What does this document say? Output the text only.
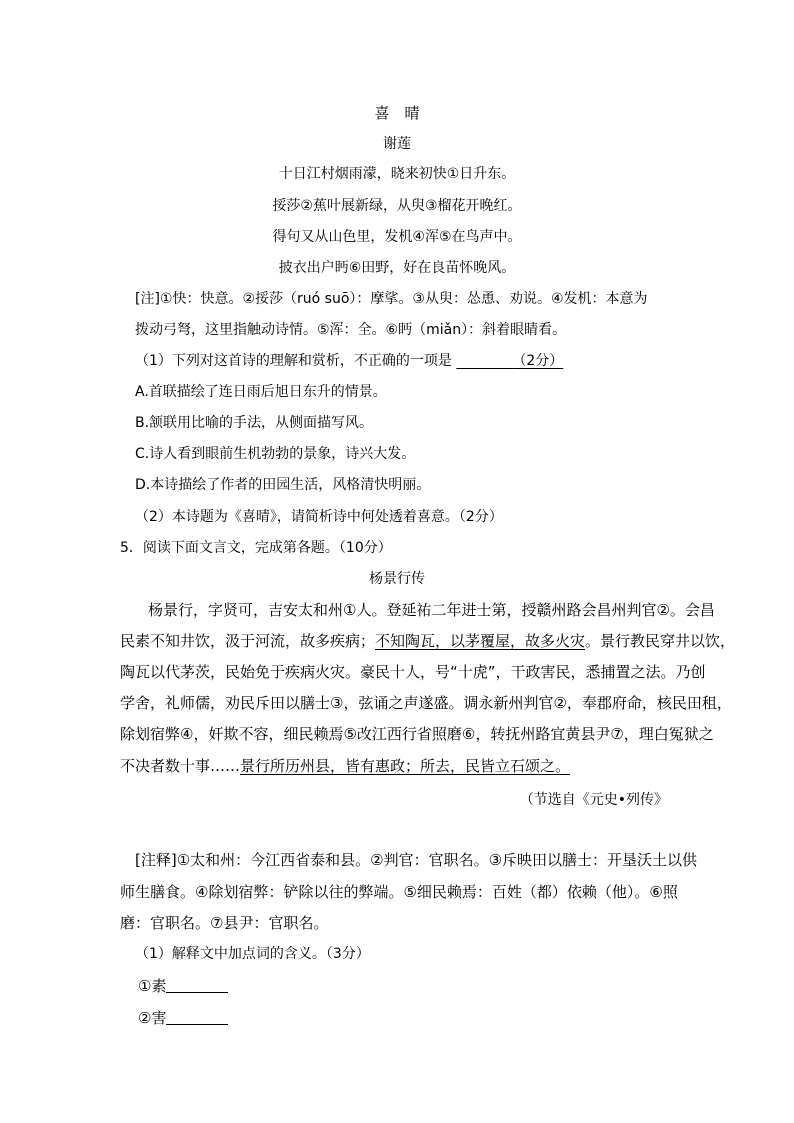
喜　晴
谢莲
十日江村烟雨濛，晓来初快①日升东。
挼莎②蕉叶展新绿，从臾③榴花开晚红。
得句又从山色里，发机④浑⑤在鸟声中。
披衣出户眄⑥田野，好在良苗怀晚风。
[注]①快：快意。②挼莎（ruó suō）：摩挲。③从臾：怂恿、劝说。④发机：本意为
拨动弓弩，这里指触动诗情。⑤浑：全。⑥眄（miǎn）：斜着眼睛看。
（1）下列对这首诗的理解和赏析，不正确的一项是     	（2分）
A.首联描绘了连日雨后旭日东升的情景。
B.颔联用比喻的手法，从侧面描写风。
C.诗人看到眼前生机勃勃的景象，诗兴大发。
D.本诗描绘了作者的田园生活，风格清快明丽。
（2）本诗题为《喜晴》，请简析诗中何处透着喜意。（2分）
5．阅读下面文言文，完成第各题。（10分）
杨景行传
杨景行，字贤可，吉安太和州①人。登延祐二年进士第，授赣州路会昌州判官②。会昌
民素不知井饮，汲于河流，故多疾病；不知陶瓦，以茅覆屋，故多火灾。景行教民穿井以饮，
陶瓦以代茅茨，民始免于疾病火灾。豪民十人，号“十虎”，干政害民，悉捕置之法。乃创
学舍，礼师儒，劝民斥田以膳士③，弦诵之声遂盛。调永新州判官②，奉郡府命，核民田租，
除划宿弊④，奸欺不容，细民赖焉⑤改江西行省照磨⑥，转抚州路宜黄县尹⑦，理白冤狱之
不决者数十事……景行所历州县，皆有惠政；所去，民皆立石颂之。
（节选自《元史•列传》
[注释]①太和州：今江西省泰和县。②判官：官职名。③斥映田以膳士：开垦沃土以供
师生膳食。④除划宿弊：铲除以往的弊端。⑤细民赖焉：百姓（都）依赖（他）。⑥照
磨：官职名。⑦县尹：官职名。
（1）解释文中加点词的含义。（3分）
①素
②害
